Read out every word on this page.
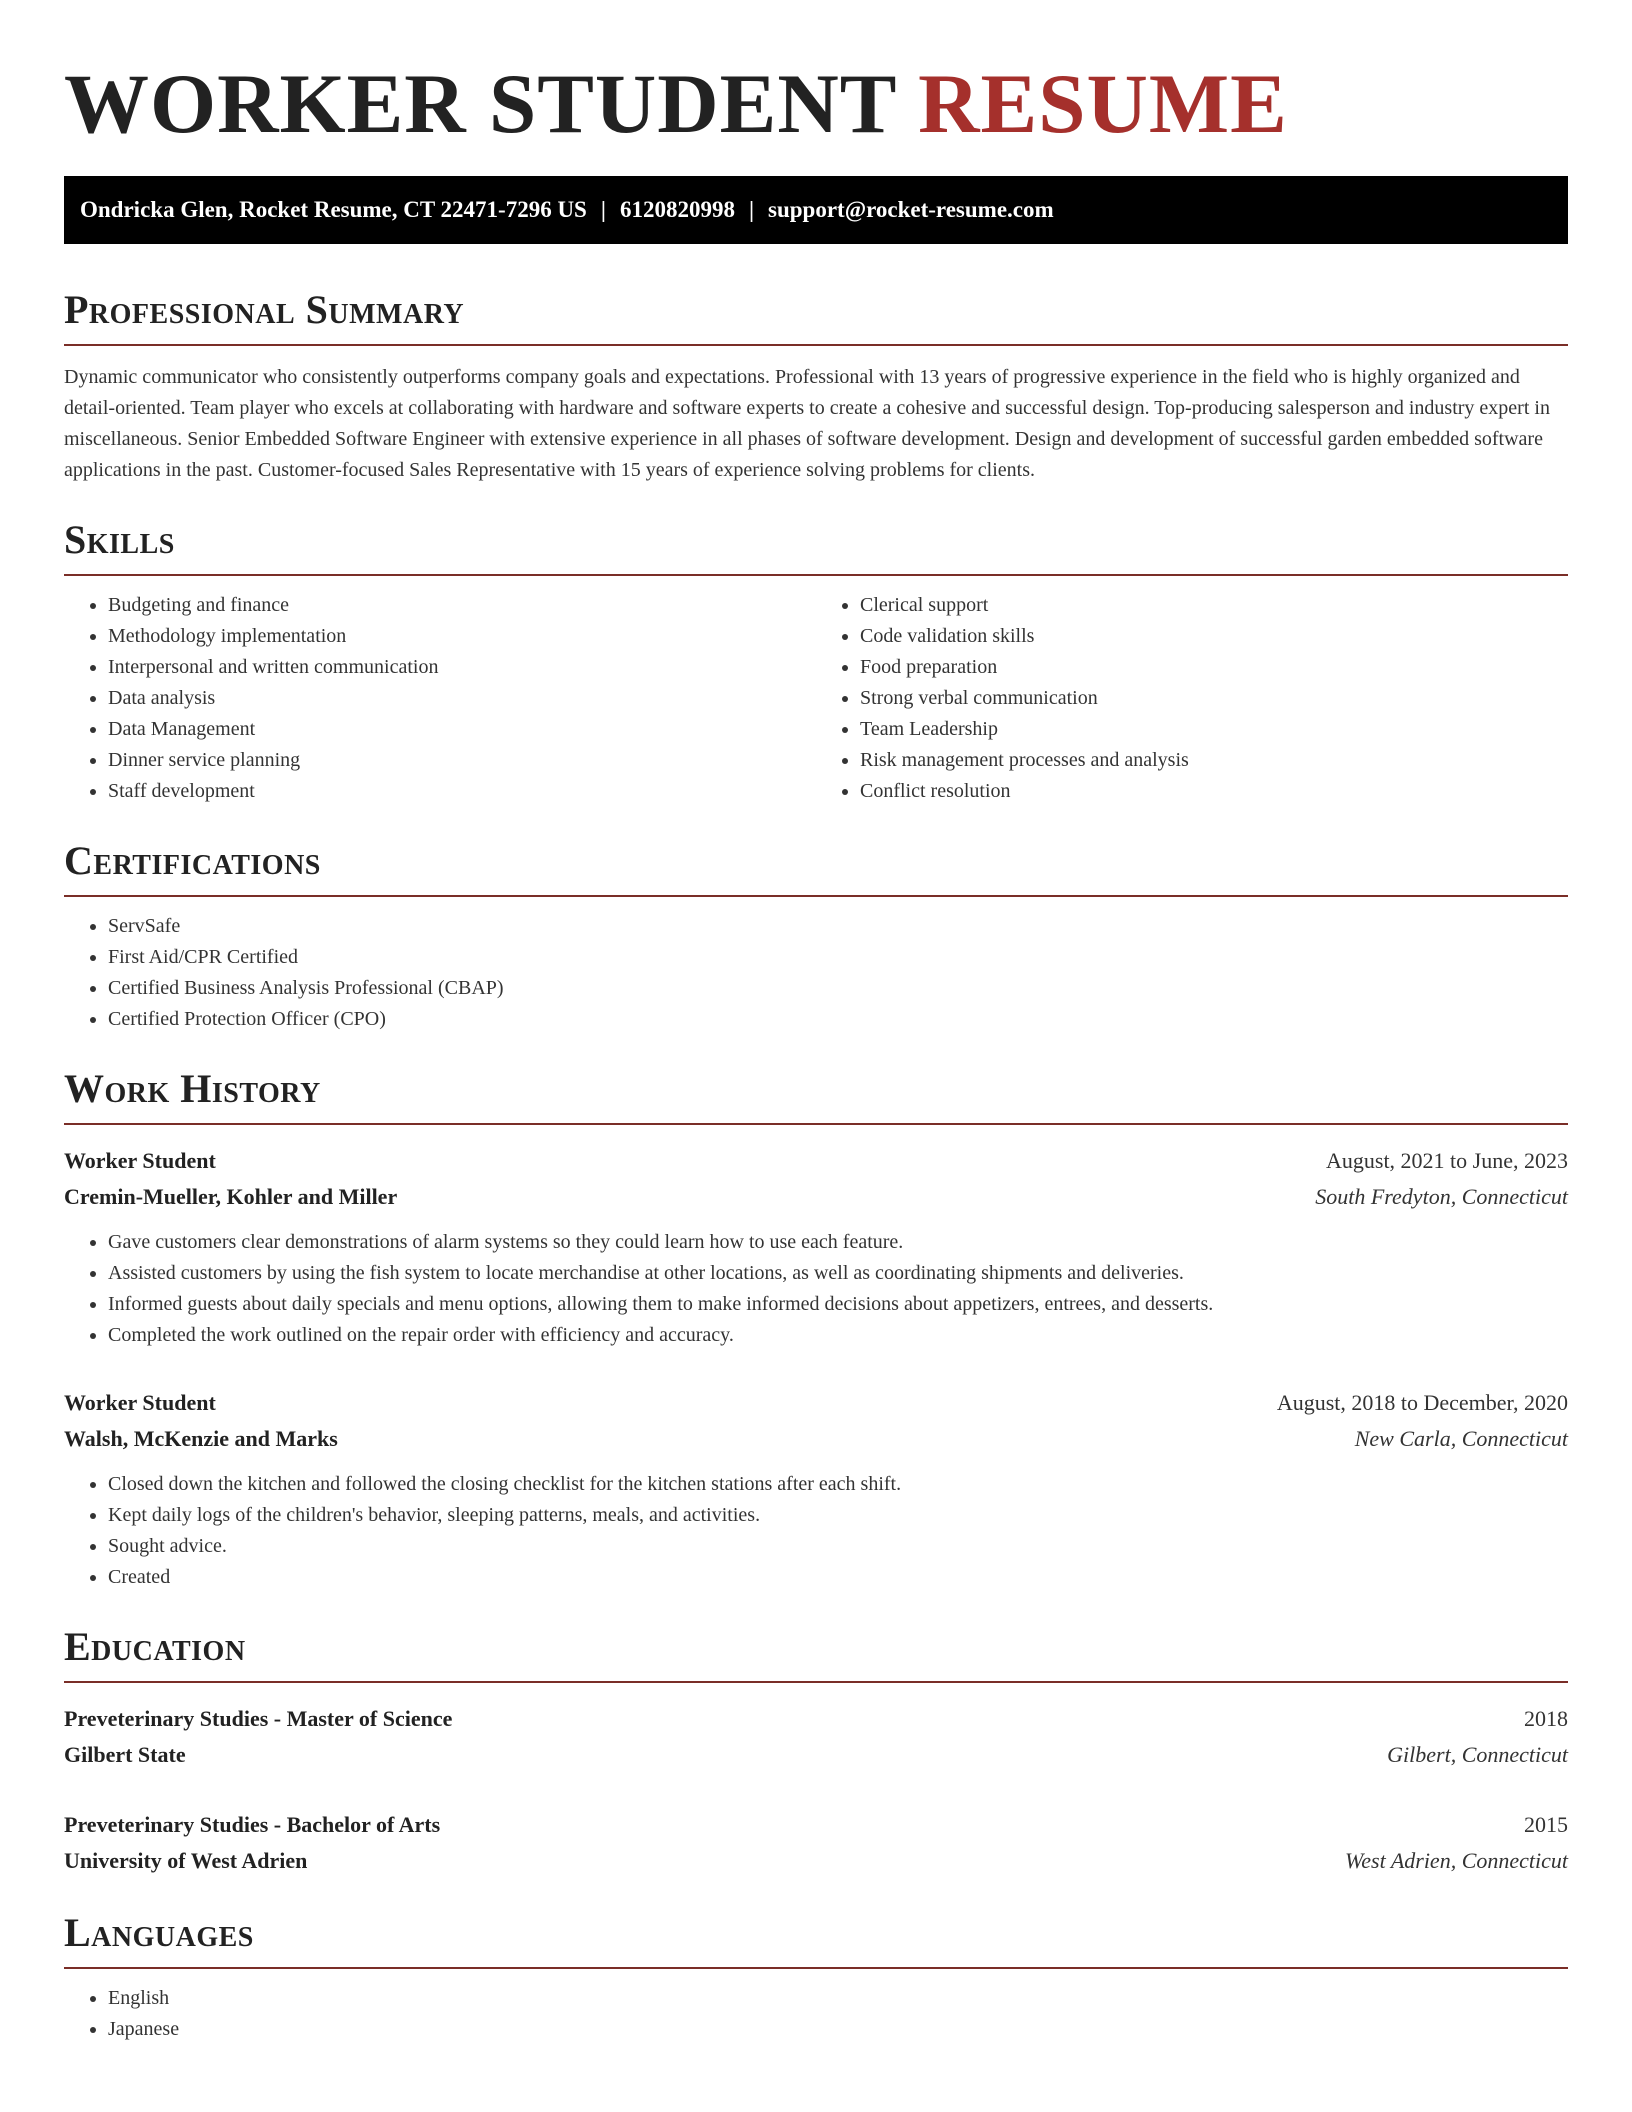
WORKER STUDENT RESUME
Ondricka Glen, Rocket Resume, CT 22471-7296 US | 6120820998 | support@rocket-resume.com
Professional Summary

Dynamic communicator who consistently outperforms company goals and expectations. Professional with 13 years of progressive experience in the field who is highly organized and detail-oriented. Team player who excels at collaborating with hardware and software experts to create a cohesive and successful design. Top-producing salesperson and industry expert in miscellaneous. Senior Embedded Software Engineer with extensive experience in all phases of software development. Design and development of successful garden embedded software applications in the past. Customer-focused Sales Representative with 15 years of experience solving problems for clients.

Skills
• Budgeting and finance
• Methodology implementation
• Interpersonal and written communication
• Data analysis
• Data Management
• Dinner service planning
• Staff development
• Clerical support
• Code validation skills
• Food preparation
• Strong verbal communication
• Team Leadership
• Risk management processes and analysis
• Conflict resolution
Certifications
• ServSafe
• First Aid/CPR Certified
• Certified Business Analysis Professional (CBAP)
• Certified Protection Officer (CPO)
Work History
Worker Student	August, 2021 to June, 2023
Cremin-Mueller, Kohler and Miller	South Fredyton, Connecticut
• Gave customers clear demonstrations of alarm systems so they could learn how to use each feature.
• Assisted customers by using the fish system to locate merchandise at other locations, as well as coordinating shipments and deliveries.
• Informed guests about daily specials and menu options, allowing them to make informed decisions about appetizers, entrees, and desserts.
• Completed the work outlined on the repair order with efficiency and accuracy.
Worker Student	August, 2018 to December, 2020
Walsh, McKenzie and Marks	New Carla, Connecticut
• Closed down the kitchen and followed the closing checklist for the kitchen stations after each shift.
• Kept daily logs of the children's behavior, sleeping patterns, meals, and activities.
• Sought advice.
• Created
Education
Preveterinary Studies - Master of Science	2018
Gilbert State	Gilbert, Connecticut
Preveterinary Studies - Bachelor of Arts	2015
University of West Adrien	West Adrien, Connecticut
Languages
• English
• Japanese
